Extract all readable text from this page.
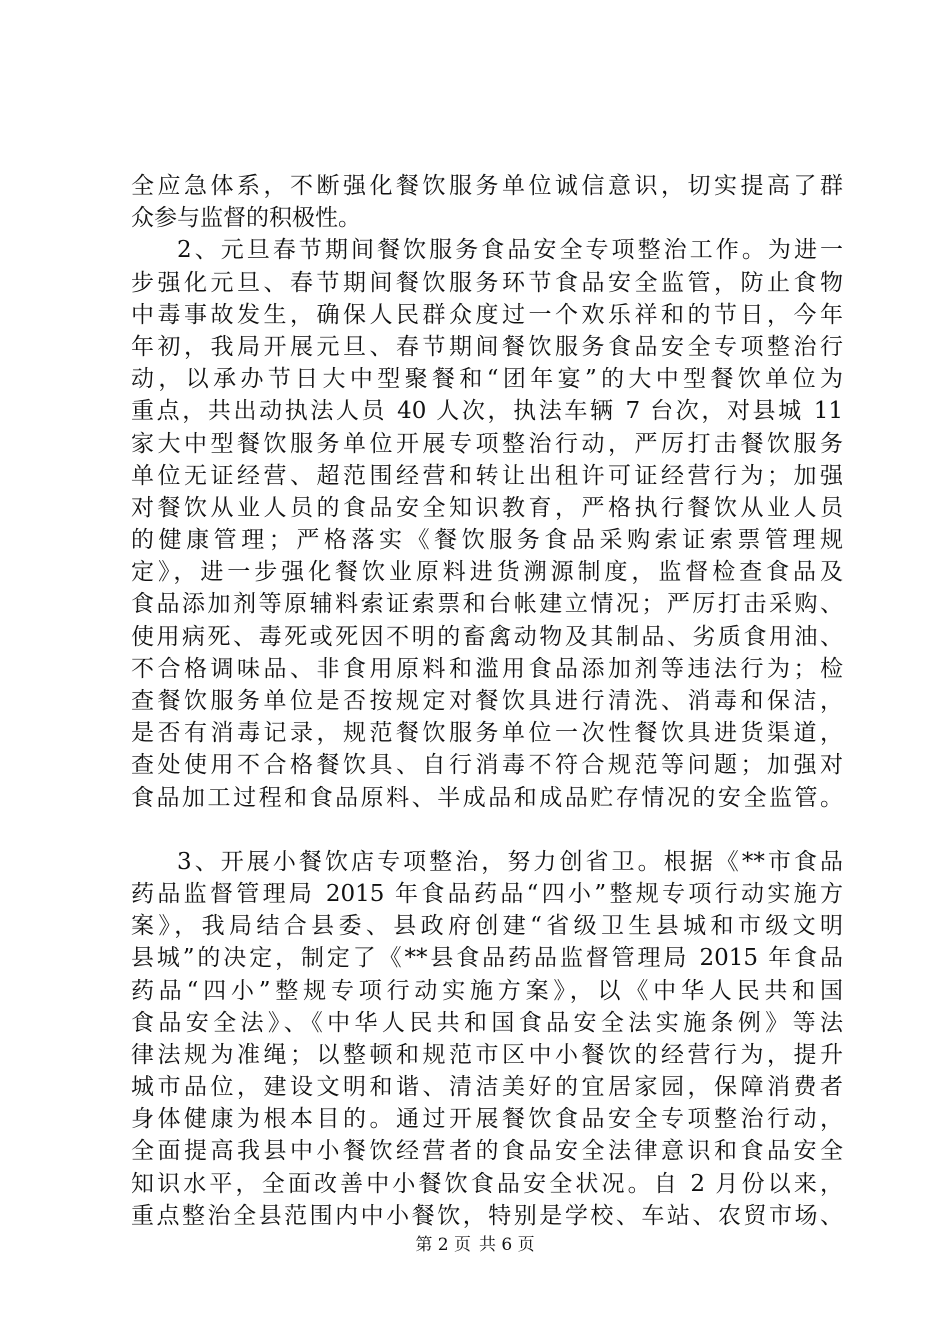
全应急体系，不断强化餐饮服务单位诚信意识，切实提高了群
众参与监督的积极性。
2、元旦春节期间餐饮服务食品安全专项整治工作。为进一
步强化元旦、春节期间餐饮服务环节食品安全监管，防止食物
中毒事故发生，确保人民群众度过一个欢乐祥和的节日，今年
年初，我局开展元旦、春节期间餐饮服务食品安全专项整治行
动，以承办节日大中型聚餐和“团年宴”的大中型餐饮单位为
重点，共出动执法人员 40 人次，执法车辆 7 台次，对县城 11
家大中型餐饮服务单位开展专项整治行动，严厉打击餐饮服务
单位无证经营、超范围经营和转让出租许可证经营行为；加强
对餐饮从业人员的食品安全知识教育，严格执行餐饮从业人员
的健康管理；严格落实《餐饮服务食品采购索证索票管理规
定》，进一步强化餐饮业原料进货溯源制度，监督检查食品及
食品添加剂等原辅料索证索票和台帐建立情况；严厉打击采购、
使用病死、毒死或死因不明的畜禽动物及其制品、劣质食用油、
不合格调味品、非食用原料和滥用食品添加剂等违法行为；检
查餐饮服务单位是否按规定对餐饮具进行清洗、消毒和保洁，
是否有消毒记录，规范餐饮服务单位一次性餐饮具进货渠道，
查处使用不合格餐饮具、自行消毒不符合规范等问题；加强对
食品加工过程和食品原料、半成品和成品贮存情况的安全监管。
3、开展小餐饮店专项整治，努力创省卫。根据《**市食品
药品监督管理局 2015 年食品药品“四小”整规专项行动实施方
案》，我局结合县委、县政府创建“省级卫生县城和市级文明
县城”的决定，制定了《**县食品药品监督管理局 2015 年食品
药品“四小”整规专项行动实施方案》，以《中华人民共和国
食品安全法》、《中华人民共和国食品安全法实施条例》等法
律法规为准绳；以整顿和规范市区中小餐饮的经营行为，提升
城市品位，建设文明和谐、清洁美好的宜居家园，保障消费者
身体健康为根本目的。通过开展餐饮食品安全专项整治行动，
全面提高我县中小餐饮经营者的食品安全法律意识和食品安全
知识水平，全面改善中小餐饮食品安全状况。自 2 月份以来，
重点整治全县范围内中小餐饮，特别是学校、车站、农贸市场、
第 2 页 共 6 页
